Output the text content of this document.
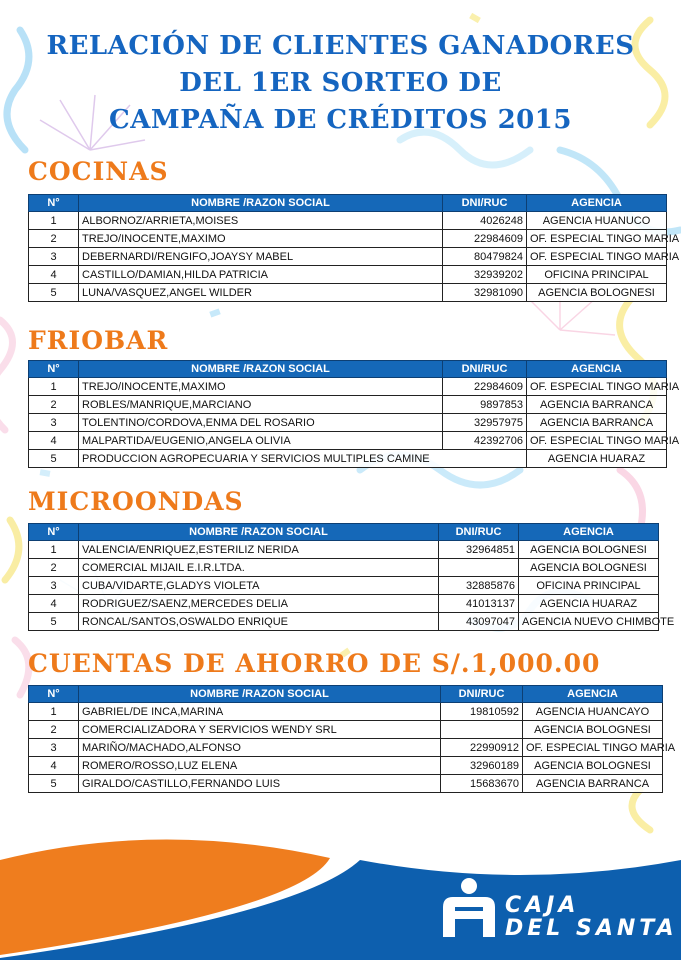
RELACIÓN DE CLIENTES GANADORES
DEL 1ER SORTEO DE
CAMPAÑA DE CRÉDITOS 2015
COCINAS
N°	NOMBRE /RAZON SOCIAL	DNI/RUC	AGENCIA
1	ALBORNOZ/ARRIETA,MOISES	4026248	AGENCIA HUANUCO
2	TREJO/INOCENTE,MAXIMO	22984609	OF. ESPECIAL TINGO MARIA
3	DEBERNARDI/RENGIFO,JOAYSY MABEL	80479824	OF. ESPECIAL TINGO MARIA
4	CASTILLO/DAMIAN,HILDA PATRICIA	32939202	OFICINA PRINCIPAL
5	LUNA/VASQUEZ,ANGEL WILDER	32981090	AGENCIA BOLOGNESI
FRIOBAR
N°	NOMBRE /RAZON SOCIAL	DNI/RUC	AGENCIA
1	TREJO/INOCENTE,MAXIMO	22984609	OF. ESPECIAL TINGO MARIA
2	ROBLES/MANRIQUE,MARCIANO	9897853	AGENCIA BARRANCA
3	TOLENTINO/CORDOVA,ENMA DEL ROSARIO	32957975	AGENCIA BARRANCA
4	MALPARTIDA/EUGENIO,ANGELA OLIVIA	42392706	OF. ESPECIAL TINGO MARIA
5	PRODUCCION AGROPECUARIA Y SERVICIOS MULTIPLES CAMINE		AGENCIA HUARAZ
MICROONDAS
N°	NOMBRE /RAZON SOCIAL	DNI/RUC	AGENCIA
1	VALENCIA/ENRIQUEZ,ESTERILIZ NERIDA	32964851	AGENCIA BOLOGNESI
2	COMERCIAL MIJAIL E.I.R.LTDA.		AGENCIA BOLOGNESI
3	CUBA/VIDARTE,GLADYS VIOLETA	32885876	OFICINA PRINCIPAL
4	RODRIGUEZ/SAENZ,MERCEDES DELIA	41013137	AGENCIA HUARAZ
5	RONCAL/SANTOS,OSWALDO ENRIQUE	43097047	AGENCIA NUEVO CHIMBOTE
CUENTAS DE AHORRO DE S/.1,000.00
N°	NOMBRE /RAZON SOCIAL	DNI/RUC	AGENCIA
1	GABRIEL/DE INCA,MARINA	19810592	AGENCIA HUANCAYO
2	COMERCIALIZADORA Y SERVICIOS WENDY SRL		AGENCIA BOLOGNESI
3	MARIÑO/MACHADO,ALFONSO	22990912	OF. ESPECIAL TINGO MARIA
4	ROMERO/ROSSO,LUZ ELENA	32960189	AGENCIA BOLOGNESI
5	GIRALDO/CASTILLO,FERNANDO LUIS	15683670	AGENCIA BARRANCA
CAJA
DEL SANTA
